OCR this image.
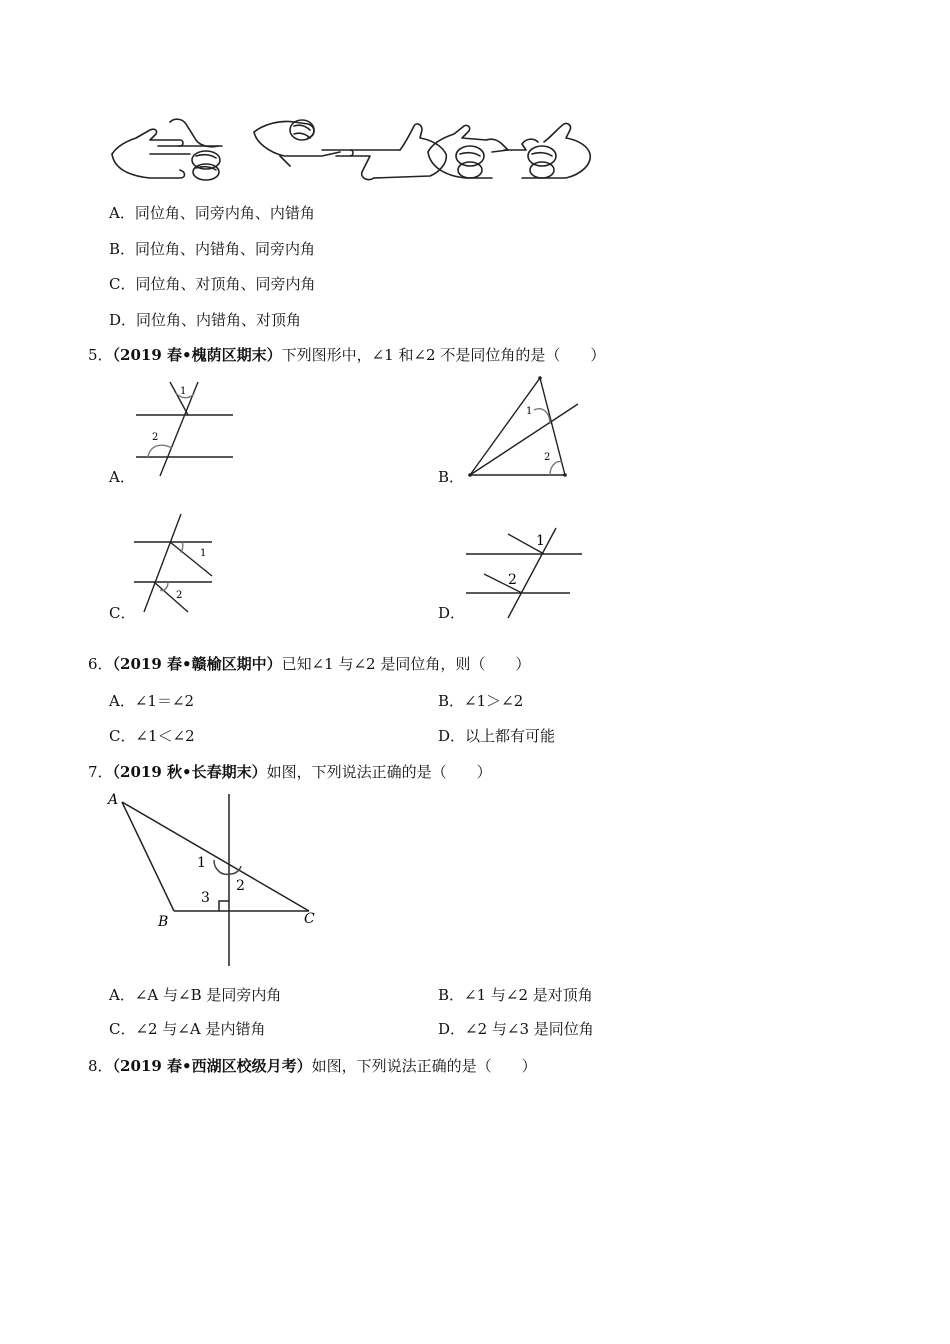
A．同位角、同旁内角、内错角
B．同位角、内错角、同旁内角
C．同位角、对顶角、同旁内角
D．同位角、内错角、对顶角
5．（2019 春•槐荫区期末）下列图形中，∠1 和∠2 不是同位角的是（　　）
1
2
A．
1
2
B．
1
2
C．
1
2
D．
6．（2019 春•赣榆区期中）已知∠1 与∠2 是同位角，则（　　）
A．∠1＝∠2	B．∠1＞∠2
C．∠1＜∠2	D．以上都有可能
7．（2019 秋•长春期末）如图，下列说法正确的是（　　）
A
B	C
1
2
3
A．∠A 与∠B 是同旁内角	B．∠1 与∠2 是对顶角
C．∠2 与∠A 是内错角	D．∠2 与∠3 是同位角
8．（2019 春•西湖区校级月考）如图，下列说法正确的是（　　）
